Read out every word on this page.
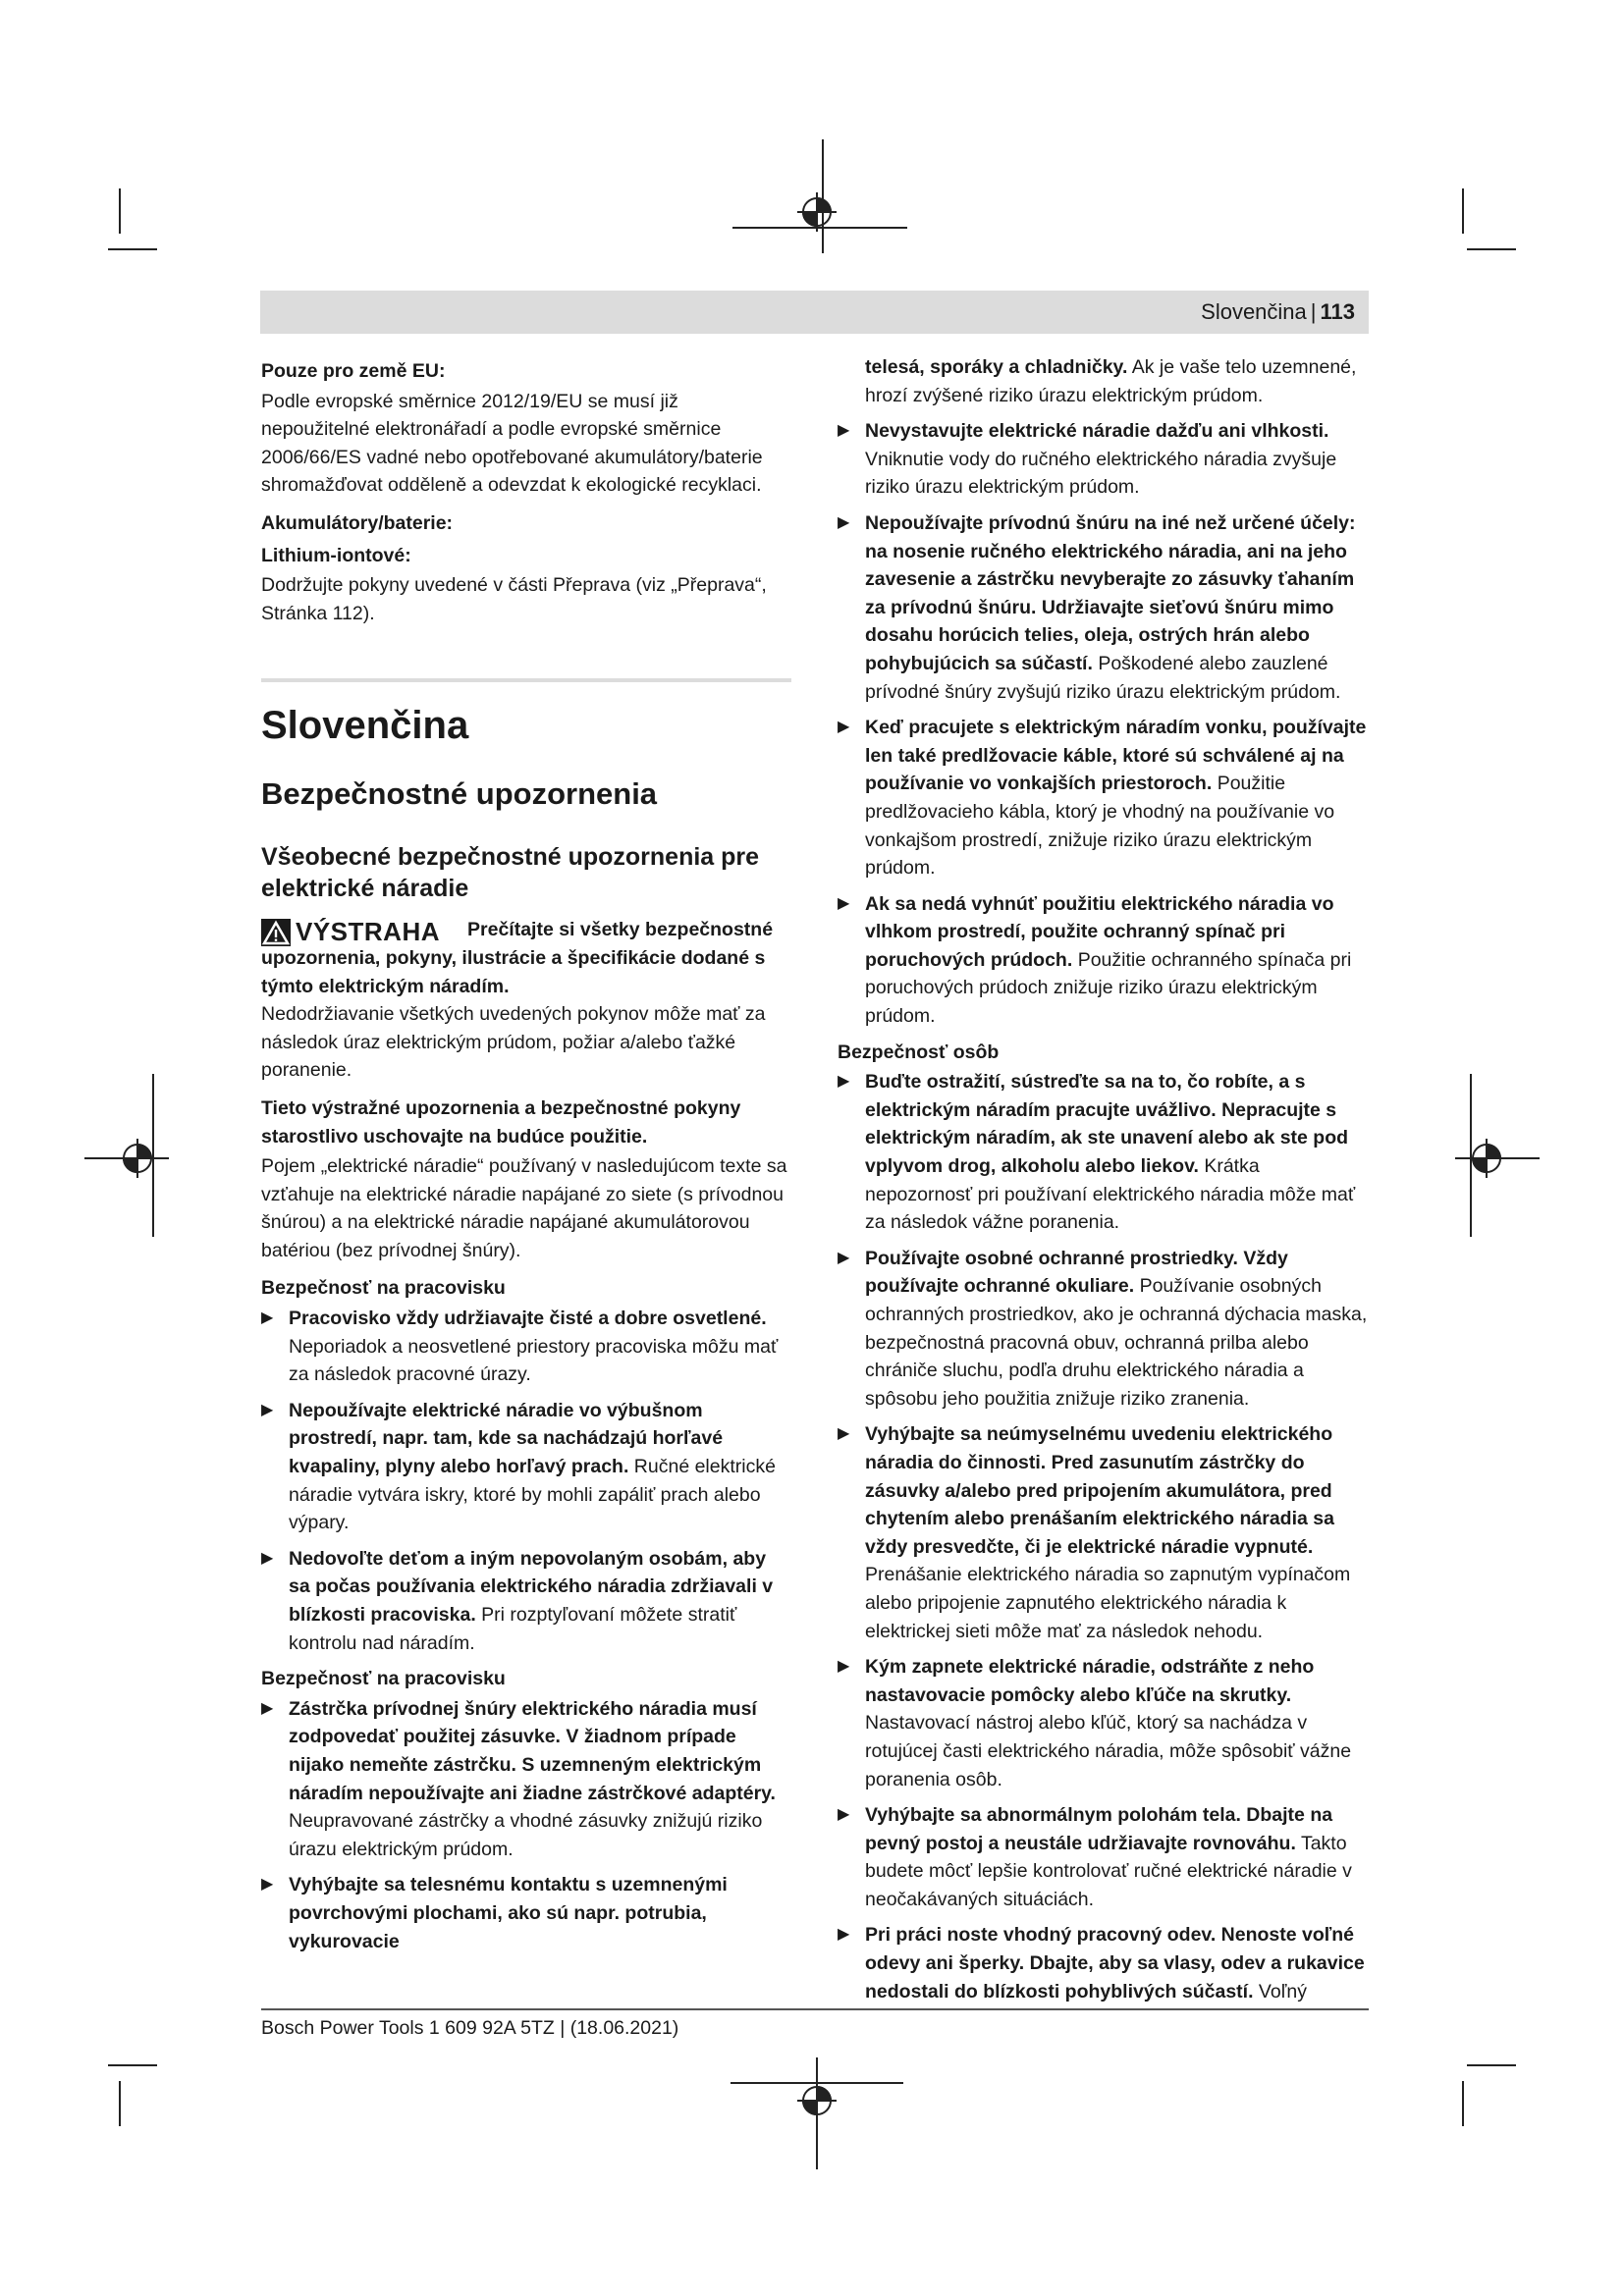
Slovenčina | 113

Pouze pro země EU:

Podle evropské směrnice 2012/19/EU se musí již nepoužitelné elektronářadí a podle evropské směrnice 2006/66/ES vadné nebo opotřebované akumulátory/baterie shromažďovat odděleně a odevzdat k ekologické recyklaci.

Akumulátory/baterie:

Lithium-iontové:

Dodržujte pokyny uvedené v části Přeprava (viz „Přeprava“, Stránka 112).

Slovenčina
Bezpečnostné upozornenia
Všeobecné bezpečnostné upozornenia pre elektrické náradie
VÝSTRAHA	Prečítajte si všetky bezpečnostné upozornenia, pokyny, ilustrácie a špecifikácie dodané s týmto elektrickým náradím.
Nedodržiavanie všetkých uvedených pokynov môže mať za následok úraz elektrickým prúdom, požiar a/alebo ťažké poranenie.

Tieto výstražné upozornenia a bezpečnostné pokyny starostlivo uschovajte na budúce použitie.

Pojem „elektrické náradie“ používaný v nasledujúcom texte sa vzťahuje na elektrické náradie napájané zo siete (s prívodnou šnúrou) a na elektrické náradie napájané akumulátorovou batériou (bez prívodnej šnúry).

Bezpečnosť na pracovisku

▶ Pracovisko vždy udržiavajte čisté a dobre osvetlené. Neporiadok a neosvetlené priestory pracoviska môžu mať za následok pracovné úrazy.
▶ Nepoužívajte elektrické náradie vo výbušnom prostredí, napr. tam, kde sa nachádzajú horľavé kvapaliny, plyny alebo horľavý prach. Ručné elektrické náradie vytvára iskry, ktoré by mohli zapáliť prach alebo výpary.
▶ Nedovoľte deťom a iným nepovolaným osobám, aby sa počas používania elektrického náradia zdržiavali v blízkosti pracoviska. Pri rozptyľovaní môžete stratiť kontrolu nad náradím.

Bezpečnosť na pracovisku

▶ Zástrčka prívodnej šnúry elektrického náradia musí zodpovedať použitej zásuvke. V žiadnom prípade nijako nemeňte zástrčku. S uzemneným elektrickým náradím nepoužívajte ani žiadne zástrčkové adaptéry. Neupravované zástrčky a vhodné zásuvky znižujú riziko úrazu elektrickým prúdom.
▶ Vyhýbajte sa telesnému kontaktu s uzemnenými povrchovými plochami, ako sú napr. potrubia, vykurovacie

telesá, sporáky a chladničky. Ak je vaše telo uzemnené, hrozí zvýšené riziko úrazu elektrickým prúdom.

▶ Nevystavujte elektrické náradie dažďu ani vlhkosti. Vniknutie vody do ručného elektrického náradia zvyšuje riziko úrazu elektrickým prúdom.
▶ Nepoužívajte prívodnú šnúru na iné než určené účely: na nosenie ručného elektrického náradia, ani na jeho zavesenie a zástrčku nevyberajte zo zásuvky ťahaním za prívodnú šnúru. Udržiavajte sieťovú šnúru mimo dosahu horúcich telies, oleja, ostrých hrán alebo pohybujúcich sa súčastí. Poškodené alebo zauzlené prívodné šnúry zvyšujú riziko úrazu elektrickým prúdom.
▶ Keď pracujete s elektrickým náradím vonku, používajte len také predlžovacie káble, ktoré sú schválené aj na používanie vo vonkajších priestoroch. Použitie predlžovacieho kábla, ktorý je vhodný na používanie vo vonkajšom prostredí, znižuje riziko úrazu elektrickým prúdom.
▶ Ak sa nedá vyhnúť použitiu elektrického náradia vo vlhkom prostredí, použite ochranný spínač pri poruchových prúdoch. Použitie ochranného spínača pri poruchových prúdoch znižuje riziko úrazu elektrickým prúdom.

Bezpečnosť osôb

▶ Buďte ostražití, sústreďte sa na to, čo robíte, a s elektrickým náradím pracujte uvážlivo. Nepracujte s elektrickým náradím, ak ste unavení alebo ak ste pod vplyvom drog, alkoholu alebo liekov. Krátka nepozornosť pri používaní elektrického náradia môže mať za následok vážne poranenia.
▶ Používajte osobné ochranné prostriedky. Vždy používajte ochranné okuliare. Používanie osobných ochranných prostriedkov, ako je ochranná dýchacia maska, bezpečnostná pracovná obuv, ochranná prilba alebo chrániče sluchu, podľa druhu elektrického náradia a spôsobu jeho použitia znižuje riziko zranenia.
▶ Vyhýbajte sa neúmyselnému uvedeniu elektrického náradia do činnosti. Pred zasunutím zástrčky do zásuvky a/alebo pred pripojením akumulátora, pred chytením alebo prenášaním elektrického náradia sa vždy presvedčte, či je elektrické náradie vypnuté. Prenášanie elektrického náradia so zapnutým vypínačom alebo pripojenie zapnutého elektrického náradia k elektrickej sieti môže mať za následok nehodu.
▶ Kým zapnete elektrické náradie, odstráňte z neho nastavovacie pomôcky alebo kľúče na skrutky. Nastavovací nástroj alebo kľúč, ktorý sa nachádza v rotujúcej časti elektrického náradia, môže spôsobiť vážne poranenia osôb.
▶ Vyhýbajte sa abnormálnym polohám tela. Dbajte na pevný postoj a neustále udržiavajte rovnováhu. Takto budete môcť lepšie kontrolovať ručné elektrické náradie v neočakávaných situáciách.
▶ Pri práci noste vhodný pracovný odev. Nenoste voľné odevy ani šperky. Dbajte, aby sa vlasy, odev a rukavice nedostali do blízkosti pohyblivých súčastí. Voľný
Bosch Power Tools 1 609 92A 5TZ | (18.06.2021)
